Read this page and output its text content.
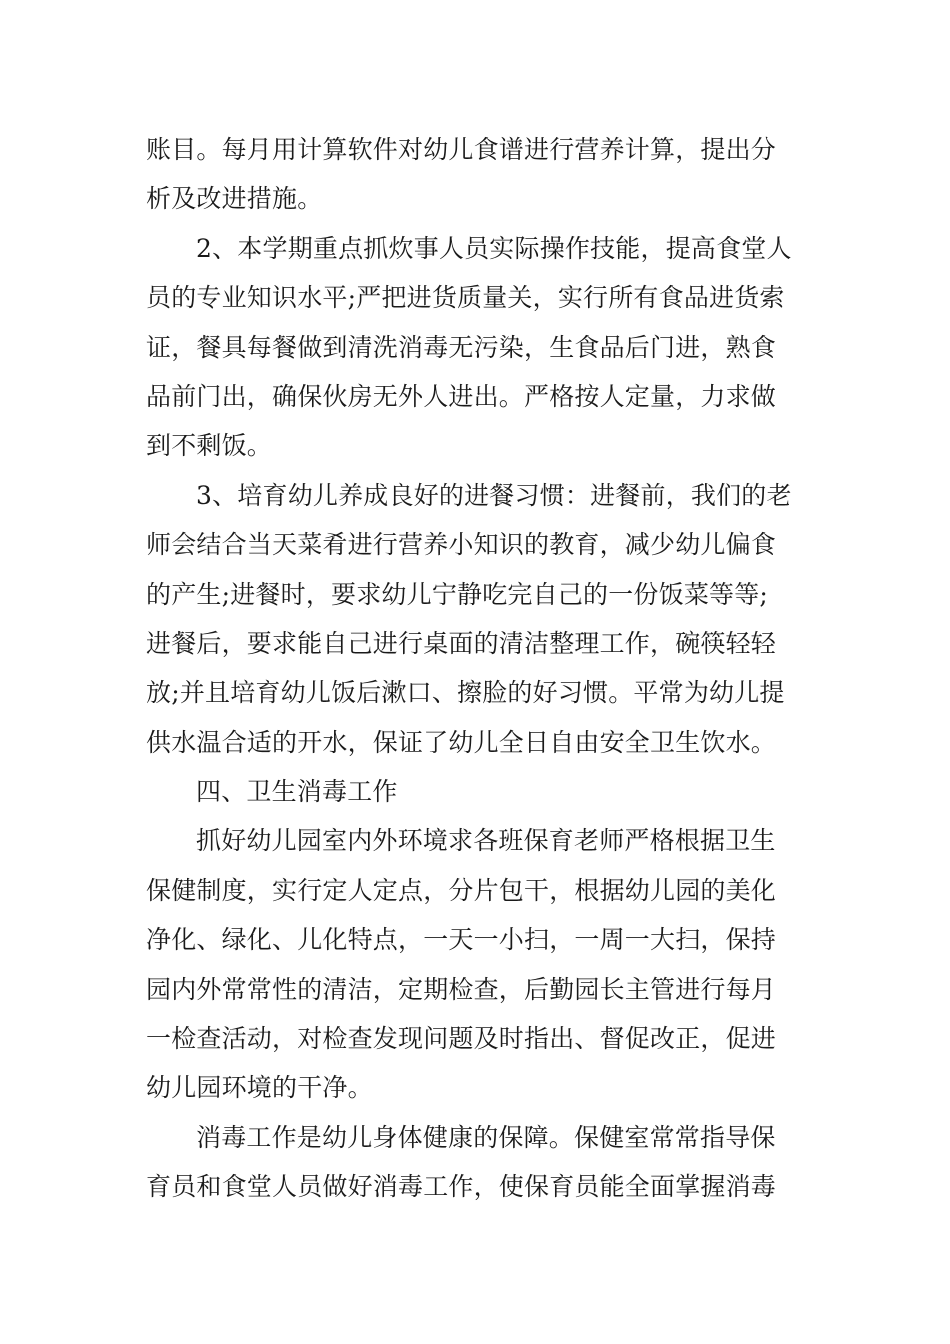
账目。每月用计算软件对幼儿食谱进行营养计算，提出分
析及改进措施。
2、本学期重点抓炊事人员实际操作技能，提高食堂人
员的专业知识水平;严把进货质量关，实行所有食品进货索
证，餐具每餐做到清洗消毒无污染，生食品后门进，熟食
品前门出，确保伙房无外人进出。严格按人定量，力求做
到不剩饭。
3、培育幼儿养成良好的进餐习惯：进餐前，我们的老
师会结合当天菜肴进行营养小知识的教育，减少幼儿偏食
的产生;进餐时，要求幼儿宁静吃完自己的一份饭菜等等;
进餐后，要求能自己进行桌面的清洁整理工作，碗筷轻轻
放;并且培育幼儿饭后漱口、擦脸的好习惯。平常为幼儿提
供水温合适的开水，保证了幼儿全日自由安全卫生饮水。
四、卫生消毒工作
抓好幼儿园室内外环境求各班保育老师严格根据卫生
保健制度，实行定人定点，分片包干，根据幼儿园的美化
净化、绿化、儿化特点，一天一小扫，一周一大扫，保持
园内外常常性的清洁，定期检查，后勤园长主管进行每月
一检查活动，对检查发现问题及时指出、督促改正，促进
幼儿园环境的干净。
消毒工作是幼儿身体健康的保障。保健室常常指导保
育员和食堂人员做好消毒工作，使保育员能全面掌握消毒
